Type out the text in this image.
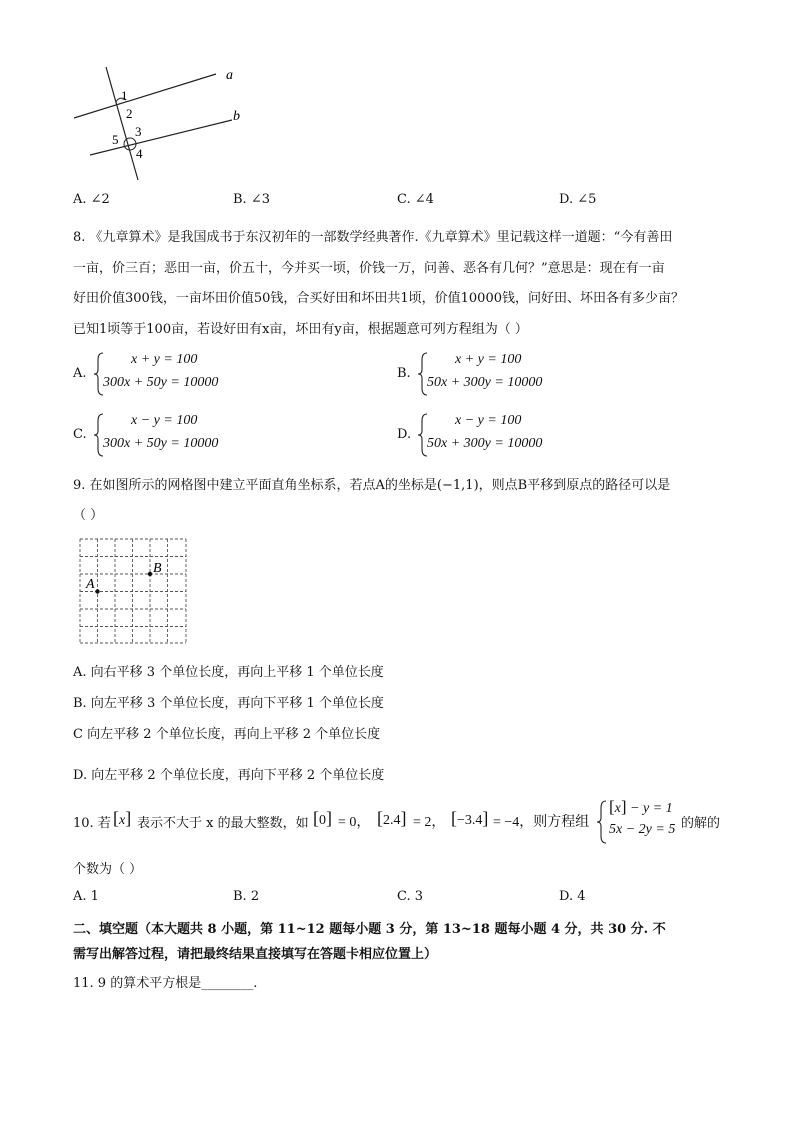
a
b
1
2
3
4
5
A. ∠2	B. ∠3	C. ∠4	D. ∠5
8. 《九章算术》是我国成书于东汉初年的一部数学经典著作.《九章算术》里记载这样一道题：“今有善田
一亩，价三百；恶田一亩，价五十，今并买一顷，价钱一万，问善、恶各有几何？”意思是：现在有一亩
好田价值300钱，一亩坏田价值50钱，合买好田和坏田共1顷，价值10000钱，问好田、坏田各有多少亩？
已知1顷等于100亩，若设好田有x亩，坏田有y亩，根据题意可列方程组为（ ）
A.
x + y = 100
300x + 50y = 10000
B.
x + y = 100
50x + 300y = 10000
C.
x − y = 100
300x + 50y = 10000
D.
x − y = 100
50x + 300y = 10000
9. 在如图所示的网格图中建立平面直角坐标系，若点A的坐标是(−1,1)，则点B平移到原点的路径可以是
（ ）
A
B
A. 向右平移 3 个单位长度，再向上平移 1 个单位长度
B. 向左平移 3 个单位长度，再向下平移 1 个单位长度
C 向左平移 2 个单位长度，再向上平移 2 个单位长度
D. 向左平移 2 个单位长度，再向下平移 2 个单位长度
10. 若 [x] 表示不大于 x 的最大整数，如 [0] = 0， [2.4] = 2， [−3.4] = −4，则方程组
[x] − y = 1
5x − 2y = 5 的解的
个数为（ ）
A. 1	B. 2	C. 3	D. 4
二、填空题（本大题共 8 小题，第 11~12 题每小题 3 分，第 13~18 题每小题 4 分，共 30 分. 不
需写出解答过程，请把最终结果直接填写在答题卡相应位置上）
11. 9 的算术平方根是________.
